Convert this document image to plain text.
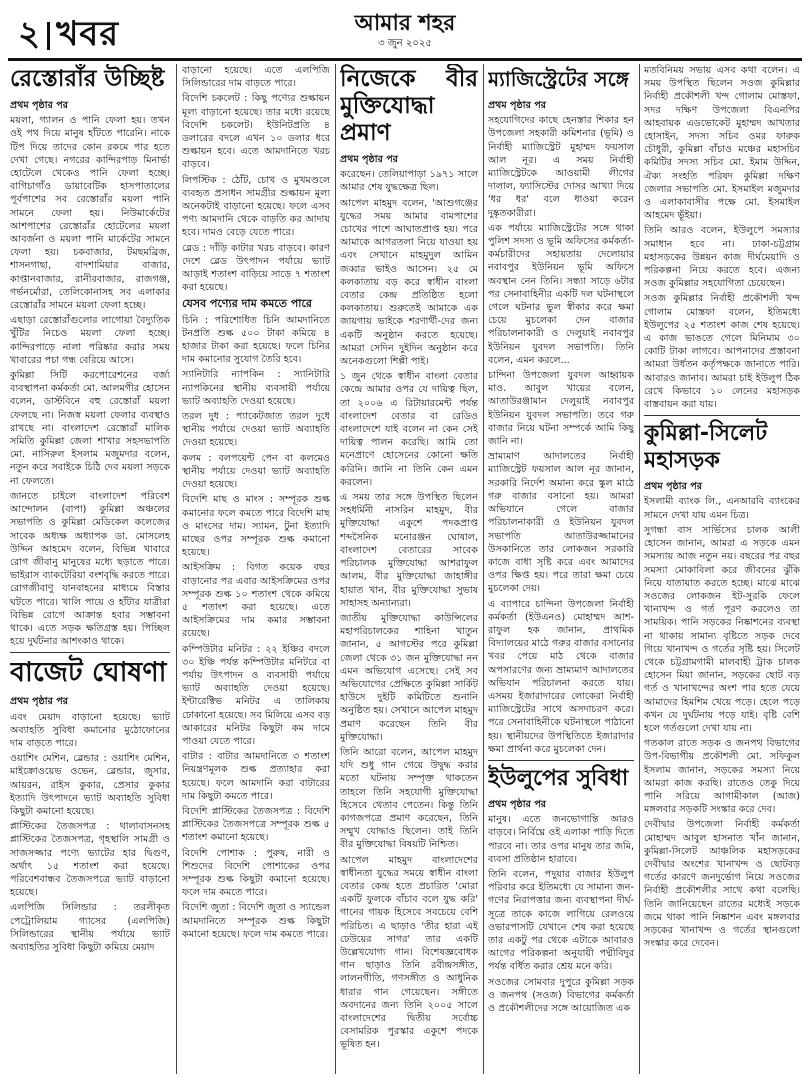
২ খবর	আমার শহর
৩ জুন ২০২৫
রেস্তোরাঁর উচ্ছিষ্ট
প্রথম পৃষ্ঠার পর

ময়লা, গ্যালন ও পানি ফেলা হয়। তখন ওই পথ দিয়ে মানুষ হাঁটতে পারেনি। নাকে টিপ দিয়ে তাদের কোন রকমে পার হতে দেখা গেছে। নগরের কান্দিরপাড় মিনার্ভা হোটেলে খেকেও পানি ফেলা হচ্ছে। বাগিচাগাঁও ডায়াবেটিক হাসপাতালের পূর্বপাশের সব রেস্তোরাঁর ময়লা পানি সামনে ফেলা হয়। নিউমার্কেটের আশপাশের রেস্তোরাঁর হোটেলের ময়লা আবর্জনা ও ময়লা পানি মার্কেটের সামনে ফেলা হয়। চকবাজার, টমছমব্রিজ, শাসনগাছা, বাদশামিয়ার বাজার, কাপ্তানবাজার, রানীরবাজার, রাজগঞ্জ, গর্ভনর্মোরা, তেলিকোনাসহ সব এলাকার রেস্তোরাঁর সামনে ময়লা ফেলা হচ্ছে।

এছাড়া রেস্তোরাঁগুলোর লাগোয়া বৈদ্যুতিক খুঁটির নিচেও ময়লা ফেলা হচ্ছে। কান্দিরপাড়ে নালা পরিষ্কার করার সময় খাবারের পচা গন্ধ বেরিয়ে আসে।

কুমিল্লা সিটি করপোরেশনের বর্জ্য ব্যবস্থাপনা কর্মকর্তা মো. আলমগীর হোসেন বলেন, ডাস্টবিনে বহু রেস্তোরাঁ ময়লা ফেলছে না। নিজস্ব ময়লা ফেলার ব্যবস্থাও রাখছে না। বাংলাদেশ রেস্তোরাঁ মালিক সমিতি কুমিল্লা জেলা শাখার সহসভাপতি মো. নাসিরুল ইসলাম মজুমদার বলেন, নতুন করে সবাইকে চিঠি দেব ময়লা সড়কে না ফেলতে।

জানতে চাইলে বাংলাদেশ পরিবেশ আন্দোলন (বাপা) কুমিল্লা অঞ্চলের সভাপতি ও কুমিল্লা মেডিকেল কলেজের সাবেক অধ্যক্ষ অধ্যাপক ডা. মোসলেহ উদ্দিন আহমেদ বলেন, বিভিন্ন খাবারে রোগ জীবানু মানুষের মধ্যে ছড়াতে পারে। ভাইরাস ব্যাকটেরিয়া বংশবৃদ্ধি করতে পারে। রোগজীবাণু যানবাহনের মাধ্যমে বিস্তার ঘটতে পারে। খালি পায়ে ও হাঁটার যাত্রীরা বিভিন্ন রোগে আক্রান্ত হবার সম্ভাবনা থাকে। এতে সড়ক ক্ষতিগ্রস্ত হয়। পিচ্ছিল হয়ে দুর্ঘটনার আশংকাও থাকে।

বাজেট ঘোষণা
প্রথম পৃষ্ঠার পর

এবং মেয়াদ বাড়ানো হয়েছে। ভ্যাট অব্যাহতি সুবিধা কমানোর মুঠোফোনের দাম বাড়তে পারে।

ওয়াশিং মেশিন, ব্লেন্ডার : ওয়াশিং মেশিন, মাইক্রোওয়েভ ওভেন, ব্লেন্ডার, জুসার, আয়রন, রাইস কুকার, প্রেসার কুকার ইত্যাদি উৎপাদনে ভ্যাট অব্যাহতি সুবিধা কিছুটা কমানো হয়েছে।

প্লাস্টিকের তৈজসপত্র : থালাবাসনসহ প্লাস্টিকের তৈজসপত্র, গৃহস্থালি সামগ্রী ও সাজসজ্জার পণ্যে ভ্যাটের হার দ্বিগুণ, অর্থাৎ ১৫ শতাংশ করা হয়েছে। পরিবেশবান্ধব তৈজসপত্রে ভ্যাট বাড়ানো হয়েছে।

এলপিজি সিলিন্ডার : তরলীকৃত পেট্রোলিয়াম গ্যাসের (এলপিজি) সিলিন্ডারের স্থানীয় পর্যায়ে ভ্যাট অব্যাহতির সুবিধা কিছুটা কমিয়ে মেয়াদ

বাড়ানো হয়েছে। এতে এলপিজি সিলিন্ডারের দাম বাড়তে পারে।

বিদেশি চকলেট : কিছু পণ্যের শুল্কায়ন মূল্য বাড়ানো হয়েছে। তার মধ্যে রয়েছে বিদেশি চকলেট। ইউনিটপ্রতি ৪ ডলারের বদলে এখন ১০ ডলার ধরে শুল্কায়ন হবে। এতে আমদানিতে খরচ বাড়বে।

লিপস্টিক : ঠোঁট, চোখ ও মুখমণ্ডলে ব্যবহৃত প্রসাধন সামগ্রীর শুল্কায়ন মূল্য অনেকটাই বাড়ানো হয়েছে। ফলে এসব পণ্য আমদানি থেকে বাড়তি কর আদায় হবে। দামও বেড়ে যেতে পারে।

ব্লেড : দাঁড়ি কাটার খরচ বাড়বে। কারণ দেশে ব্লেড উৎপাদন পর্যায়ে ভ্যাট আড়াই শতাংশ বাড়িয়ে সাড়ে ৭ শতাংশ করা হয়েছে।

যেসব পণ্যের দাম কমতে পারে

চিনি : পরিশোধিত চিনি আমদানিতে টনপ্রতি শুল্ক ৫০০ টাকা কমিয়ে ৪ হাজার টাকা করা হয়েছে। ফলে চিনির দাম কমানোর সুযোগ তৈরি হবে।

স্যানিটারি ন্যাপকিন : স্যানিটারি ন্যাপকিনের স্থানীয় ব্যবসায়ী পর্যায়ে ভ্যাট অব্যাহতি দেওয়া হয়েছে।

তরল দুধ : প্যাকেটজাত তরল দুধে স্থানীয় পর্যায়ে দেওয়া ভ্যাট অব্যাহতি দেওয়া হয়েছে।

কলম : বলপয়েন্ট পেন বা কলমেও স্থানীয় পর্যায়ে দেওয়া ভ্যাট অব্যাহতি দেওয়া হয়েছে।

বিদেশি মাছ ও মাংস : সম্পূরক শুল্ক কমানোর ফলে কমতে পারে বিদেশি মাছ ও মাংসের দাম। স্যামন, টুনা ইত্যাদি মাছের ওপর সম্পূরক শুল্ক কমানো হয়েছে।

আইসক্রিম : বিগত কয়েক বছর বাড়ানোর পর এবার আইসক্রিমের ওপর সম্পূরক শুল্ক ১০ শতাংশ থেকে কমিয়ে ৫ শতাংশ করা হয়েছে। এতে আইসক্রিমের দাম কমার সম্ভাবনা রয়েছে।

কম্পিউটার মনিটর : ২২ ইঞ্চির বদলে ৩০ ইঞ্চি পর্যন্ত কম্পিউটার মনিটরে বা পর্যায় উৎপাদন ও ব্যবসায়ী পর্যায়ে ভ্যাট অব্যাহতি দেওয়া হয়েছে। ইন্টারেক্টিভ মনিটর এ তালিকায় ঢোকানো হয়েছে। সব মিলিয়ে এসব বড় আকারের মনিটর কিছুটা কম দামে পাওয়া যেতে পারে।

বাটার : বাটার আমদানিতে ৩ শতাংশ নিয়ন্ত্রণমূলক শুল্ক প্রত্যাহার করা হয়েছে। ফলে আমদানি করা বাটারের দাম কিছুটা কমতে পারে।

বিদেশি প্লাস্টিকের তৈজসপত্র : বিদেশি প্লাস্টিকের তৈজসপত্রে সম্পূরক শুল্ক ৫ শতাংশ কমানো হয়েছে।

বিদেশি পোশাক : পুরুষ, নারী ও শিশুদের বিদেশি পোশাকের ওপর সম্পূরক শুল্ক কিছুটা কমানো হয়েছে। ফলে দাম কমতে পারে।

বিদেশি জুতা : বিদেশি জুতা ও স্যান্ডেল আমদানিতে সম্পূরক শুল্ক কিছুটা কমানো হয়েছে। ফলে দাম কমতে পারে।

নিজেকে বীর মুক্তিযোদ্ধা প্রমাণ
প্রথম পৃষ্ঠার পর

করেছেন। তেলিয়াপাড়া ১৯৭১ সালে আমার শেষ যুদ্ধক্ষেত্র ছিল।

আপেল মাহমুদ বলেন, 'আশুগঞ্জের যুদ্ধের সময় আমার বামপাশের চোখের পাশে আঘাতপ্রাপ্ত হয়। পরে আমাকে আগরতলা নিয়ে যাওয়া হয় এবং সেখানে মাহমুদুল আমিন জব্বার ভাইও আসেন। ২৫ মে কলকাতায় বড় করে স্বাধীন বাংলা বেতার কেন্দ্র প্রতিষ্ঠিত হলো কলকাতায়। শুরুতেই আমাকে এক জায়গায় ভাইকে শরণার্থী-দের জন্য একটি অনুষ্ঠান করতে হয়েছে। আমরা সেদিন দুইদিন অনুষ্ঠান করে অনেকগুলো শিল্পী পাই।

১ জুন থেকে স্বাধীন বাংলা বেতার কেন্দ্রে আমার ওপর যে দায়িত্ব ছিল, তা ২০০৬ এ রিটায়ারমেন্ট পর্যন্ত বাংলাদেশ বেতার বা রেডিও বাংলাদেশে যাই বলেন না কেন সেই দায়িত্ব পালন করেছি। আমি তো মনেপ্রাণে হোসেনের কোনো ক্ষতি করিনি। জানি না তিনি কেন এমন করলেন।

এ সময় তার সঙ্গে উপস্থিত ছিলেন সহধর্মিনী নাসরিন মাহমুদ, বীর মুক্তিযোদ্ধা একুশে পদকপ্রাপ্ত শব্দসৈনিক মনোরঞ্জন ঘোষাল, বাংলাদেশ বেতারের সাবেক পরিচালক মুক্তিযোদ্ধা আশরাফুল আলম, বীর মুক্তিযোদ্ধা জাহাঙ্গীর হায়াত খান, বীর মুক্তিযোদ্ধা সুভাষ সাহাসহ অন্যান্যরা।

জাতীয় মুক্তিযোদ্ধা কাউন্সিলের মহাপরিচালকের শাহিনা খাতুন জানান, ৫ আগস্টের পরে কুমিল্লা জেলা থেকে ৩১ জন মুক্তিযোদ্ধা নন এমন অভিযোগ এসেছে। সেই সব অভিযোগের প্রেক্ষিতে কুমিল্লা সার্কিট হাউসে দুইটি কমিটিতে শুনানি অনুষ্ঠিত হয়। সেখানে আপেল মাহমুদ প্রমাণ করেছেন তিনি বীর মুক্তিযোদ্ধা।

তিনি আরো বলেন, আপেল মাহমুদ যদি শুধু গান গেয়ে উদ্বুদ্ধ করার মতো ঘটনায় সম্পৃক্ত থাকতেন তাহলে তিনি সহযোগী মুক্তিযোদ্ধা হিসেবে থেতাব পেতেন। কিন্তু তিনি কাগজপত্রে প্রমাণ করেছেন, তিনি সম্মুখ যোদ্ধাও ছিলেন। তাই তিনি বীর মুক্তিযোদ্ধা বিষয়টি নিশ্চিত।

আপেল মাহমুদ বাংলাদেশের স্বাধীনতা যুদ্ধের সময়ে স্বাধীন বাংলা বেতার কেন্দ্র হতে প্রচারিত 'মোরা একটি ফুলকে বাঁচাব বলে যুদ্ধ করি' গানের গায়ক হিসেবে সবচেয়ে বেশি পরিচিত। এ ছাড়াও 'তীর হারা এই ঢেউয়ের সাগর' তার একটি উল্লেখযোগ্য গান। বিশেষজ্ঞবোধক গান ছাড়াও তিনি রবীন্দ্রসঙ্গীত, লালনগীতি, গণসঙ্গীত ও আধুনিক ধারার গান গেয়েছেন। সঙ্গীতে অবদানের জন্য তিনি ২০০৫ সালে বাংলাদেশের দ্বিতীয় সর্বোচ্চ বেসামরিক পুরস্কার একুশে পদকে ভূষিত হন।

ম্যাজিস্ট্রেটের সঙ্গে
প্রথম পৃষ্ঠার পর

সহযোগিদের কাছে হেনস্তার শিকার হন উপজেলা সহকারী কমিশনার (ভূমি) ও নির্বাহী ম্যাজিস্ট্রেট মুহাম্মদ ফয়সাল আল নূর। এ সময় নির্বাহী ম্যাজিস্ট্রেটকে আওয়ামী লীগের দালাল, ফ্যাসিস্টের দোসর আখ্যা দিয়ে 'ধর ধর' বলে ধাওয়া করেন দুষ্কৃতকারীরা।

এক পর্যায়ে ম্যাজিস্ট্রেটের সঙ্গে থাকা পুলিশ সদস্য ও ভূমি অফিসের কর্মকর্তা-কর্মচারীদের সহায়তায় দেলোয়ার নবাবপুর ইউনিয়ন ভূমি অফিসে অবস্থান নেন তিনি। সন্ধ্যা সাড়ে ৬টার পর সেনাবাহিনীর একটি দল ঘটনাস্থলে গেলে ঘটনার ভুল স্বীকার করে ক্ষমা চেয়ে মুচলেকা দেন বাজার পরিচালনাকারী ও দেলুয়াই নবাবপুর ইউনিয়ন যুবদল সভাপতি। তিনি বলেন, এমন করলে...

চান্দিনা উপজেলা যুবদল আহ্বায়ক মাও. আবুল খায়ের বলেন, আতাউরঞ্জামান দেলুয়াই নবাবপুর ইউনিয়ন যুবদল সভাপতি। তবে গরু বাজার নিয়ে ঘটনা সম্পর্কে আমি কিছু জানি না।

ভ্রাম্যমাণ আদালতের নির্বাহী ম্যাজিস্ট্রেট ফয়সাল আল নূর জানান, সরকারি নির্দেশ অমান্য করে স্কুল মাঠে গরু বাজার বসানো হয়। আমরা অভিযানে গেলে বাজার পরিচালনাকারী ও ইউনিয়ন যুবদল সভাপতি আতাউরজ্জামানের উসকানিতে তার লোকজন সরকারি কাজে বাধা সৃষ্টি করে এবং আমাদের ওপর ক্ষিপ্ত হয়। পরে তারা ক্ষমা চেয়ে মুচলেকা দেয়।

এ ব্যাপারে চান্দিনা উপজেলা নির্বাহী কর্মকর্তা (ইউএনও) মোহাম্মদ আশ-রাফুল হক জানান, প্রাথমিক বিদ্যালয়ের মাঠে গরুর বাজার বসানোর খবর পেয়ে মাঠ থেকে বাজার অপসারণের জন্য ভ্রাম্যমাণ আদালতের অভিযান পরিচালনা করতে যায়। এসময় ইজারাদারের লোকেরা নির্বাহী ম্যাজিস্ট্রেটের সাথে অসদাচরণ করে। পরে সেনাবাহিনীকে ঘটনাস্থলে পাঠানো হয়। স্থানীয়দের উপস্থিতিতে ইজারাদার ক্ষমা প্রার্থনা করে মুচলেকা দেন।

ইউলুপের সুবিধা
প্রথম পৃষ্ঠার পর

মানুষ। এতে জনভোগান্তি আরও বাড়বে। নির্বিঘ্নে ওই এলাকা পাড়ি দিতে পারবে না। তার ওপর মানুষ তার জমি, ব্যবসা প্রতিষ্ঠান হারাবে।

তিনি বলেন, পদুয়ার বাজার ইউলুপ পরিবার করে ইতিমধ্যে যে সামান্য জন-গণের নিরাপত্তার জন্য ব্যবস্থাপনা দীর্ঘ-সূত্রে তাকে কাজে লাগিয়ে রেলওয়ে ওভারপাসটি যেখানে শেষ করা হয়েছে তার একটু পর থেকে এটাকে আবারও আগের পরিকল্পনা অনুযায়ী পদ্মীবিদুর পর্যন্ত বর্ধিত করার শ্রেয় মনে করি।

সওজের সোমবার দুপুরে কুমিল্লা সড়ক ও জনপথ (সওজ) বিভাগের কর্মকর্তা ও প্রকৌশলীদের সঙ্গে আয়োজিত এক

মতবিনিময় সভায় এসব কথা বলেন। এ সময় উপস্থিত ছিলেন সওজ কুমিল্লার নির্বাহী প্রকৌশলী খন্দ গোলাম মোস্তফা, সদর দক্ষিণ উপজেলা বিএনপির আহবায়ক এডভোকেট মুহাম্মদ আখতার হোসাইন, সদস্য সচিব ওমর ফারুক চৌধুরী, কুমিল্লা বাঁচাও মঞ্চের মহাসচিব কমিটির সদস্য সচিব মো. ইমাম উদ্দিন, ঐক্য সংহতি পরিষদ কুমিল্লা দক্ষিণ জেলার সভাপতি মো. ইসমাইল মজুমদার ও এলাকাবাসীর পক্ষে মো. ইসমাইল আহমেদ ভূঁইয়া।

তিনি আরও বলেন, ইউলুপে সমস্যার সমাধান হবে না। ঢাকা-চট্টগ্রাম মহাসড়কের উন্নয়ন কাজ দীর্ঘমেয়াদি ও পরিকল্পনা নিয়ে করতে হবে। এজন্য সওজ কুমিল্লার সহযোগিতা চেয়েছেন।

সওজ কুমিল্লার নির্বাহী প্রকৌশলী খন্দ গোলাম মোস্তফা বলেন, ইতিমধ্যে ইউলুপের ২৫ শতাংশ কাজ শেষ হয়েছে। এ কাজ ভাঙতে গেলে মিনিমাম ৩০ কোটি টাকা লাগবে। আপনাদের প্রস্তাবনা আমরা উর্ধতন কর্তৃপক্ষকে জানাতে পারি। আবারও জানাব। আমরা চাই ইউলুপ ঠিক রেখে কিভাবে ১০ লেনের মহাসড়ক বাস্তবায়ন করা যায়।

কুমিল্লা-সিলেট মহাসড়ক
প্রথম পৃষ্ঠার পর

ইসলামী ব্যাংক লি., এনআরবি ব্যাংকের সামনে দেখা যায় এমন চিত্র।

সুগন্ধা বাস সার্ভিসের চালক আলী হোসেন জানান, আমরা এ সড়কে এমন সমস্যায় আজ নতুন নয়। বছরের পর বছর সমস্যা মোকাবিলা করে জীবনের ঝুঁকি নিয়ে যাতায়াত করতে হচ্ছে। মাঝে মাঝে সওজের লোকজন ইট-সুরকি ফেলে খানাখন্দ ও গর্ত পূরণ করলেও তা সাময়িক। পানি সড়কের নিষ্কাশনের ব্যবস্থা না থাকায় সামান্য বৃষ্টিতে সড়ক দেবে গিয়ে খানাখন্দ ও গর্তের সৃষ্টি হয়। সিলেট থেকে চট্টগ্রামগামী মালবাহী ট্রাক চালক হোসেন মিয়া জানান, সড়কের ছোট বড় গর্ত ও খানাখন্দের অংশ পার হতে যেয়ে আমাদের হিমশিম খেয়ে পড়ে। হেলে পড়ে কখন যে দুর্ঘটনায় পড়ে যাই। বৃষ্টি বেশি হলে গর্তগুলো দেখা যায় না।

গতকাল রাতে সড়ক ও জনপথ বিভাগের উপ-বিভাগীয় প্রকৌশলী মো. সফিকুল ইসলাম জানান, সড়কের সমস্যা নিয়ে আমরা কাজ করছি। রাতেও তেকু দিয়ে পানি সরিয়ে আগামীকাল (আজ) মঙ্গলবার সড়কটি সংস্কার করে দেব।

দেবীদ্বার উপজেলা নির্বাহী কর্মকর্তা মোহাম্মদ আবুল হাসনাত খাঁন জানান, কুমিল্লা-সিলেট আঞ্চলিক মহাসড়কের দেবীদ্বার অংশের খানাখন্দ ও ছোটবড় গর্তের কারণে জনদুর্ভোগ নিয়ে সওজের নির্বাহী প্রকৌশলীর সাথে কথা বলেছি। তিনি জানিয়েছেন রাতের মধ্যেই সড়কে জমে থাকা পানি নিষ্কাশন এবং মঙ্গলবার সড়কের খানাখন্দ ও গর্তের স্থানগুলো সংস্কার করে দেবেন।
